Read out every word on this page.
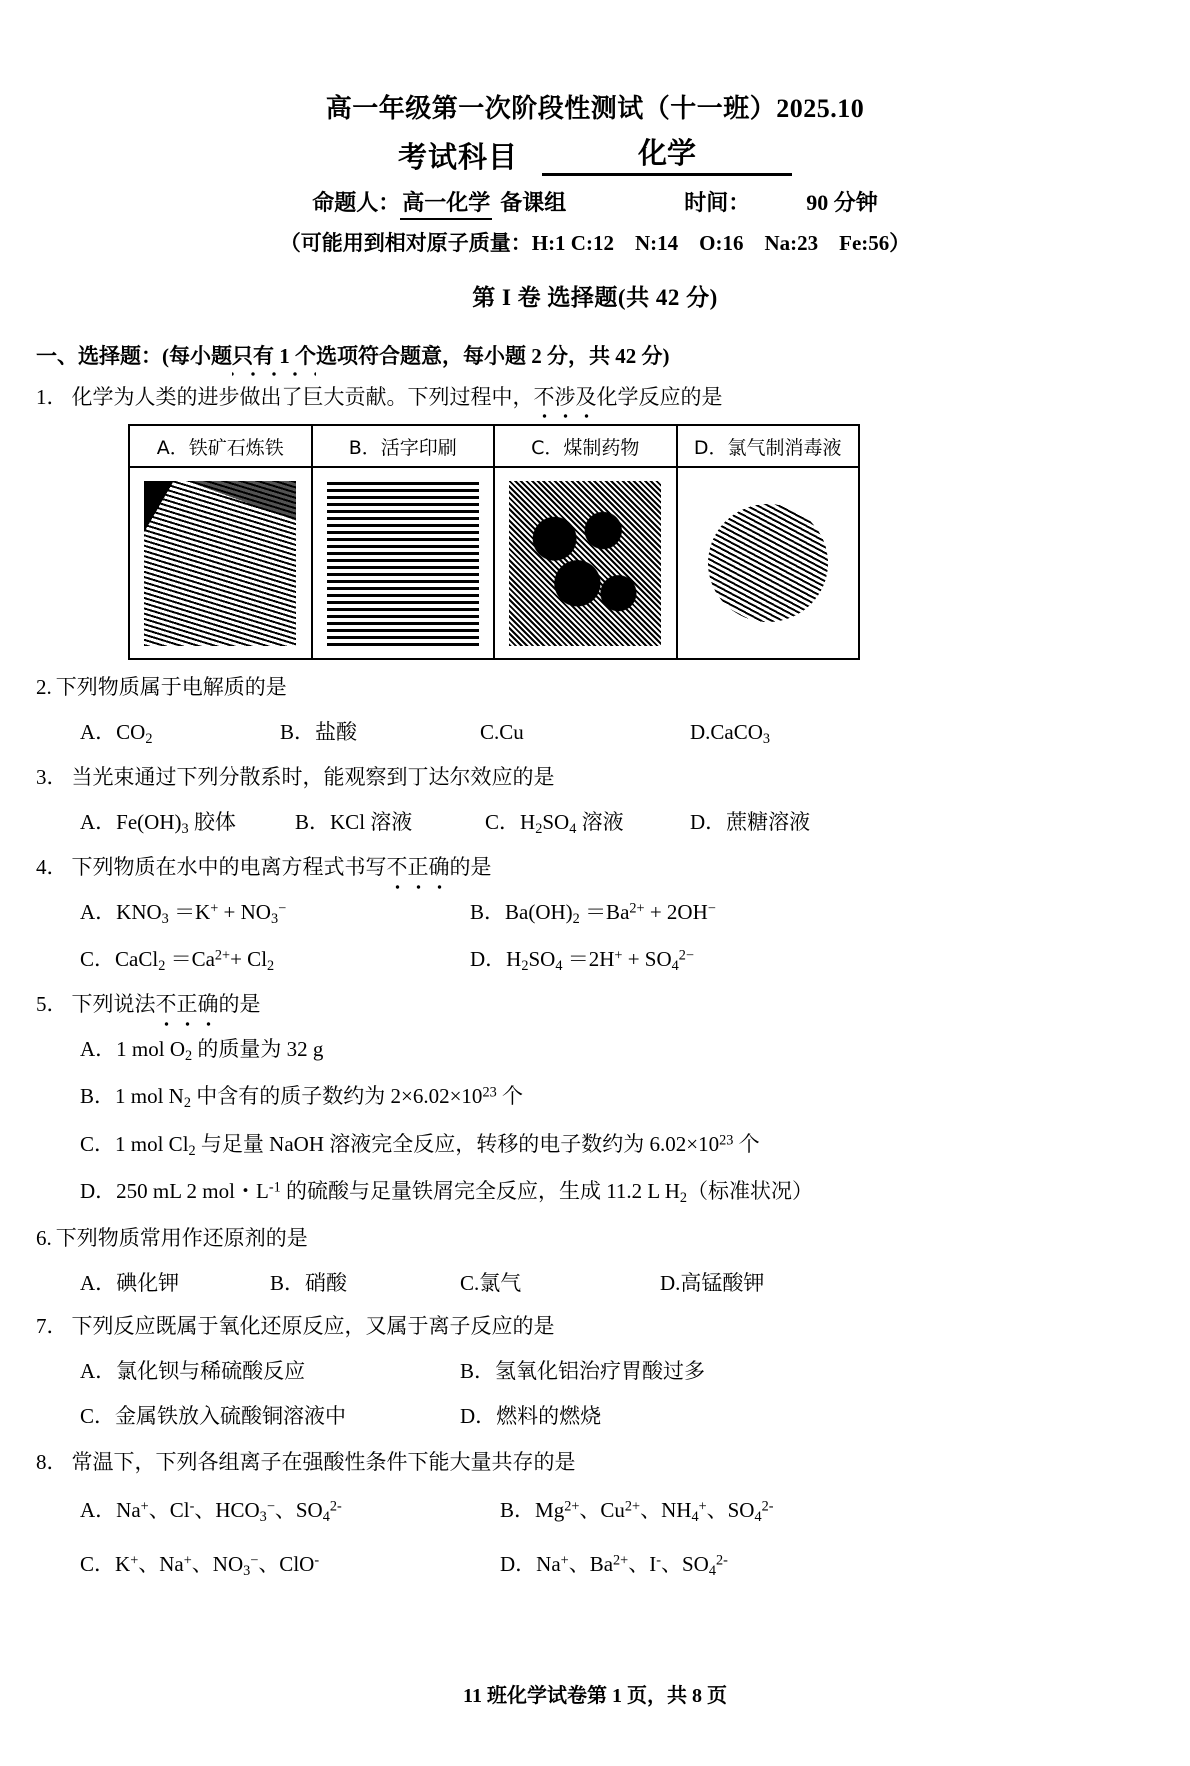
高一年级第一次阶段性测试（十一班）2025.10
考试科目	化学
命题人： 高一化学 备课组	时间：	90 分钟
（可能用到相对原子质量：H:1 C:12　N:14　O:16　Na:23　Fe:56）
第 I 卷 选择题(共 42 分)
一、选择题：(每小题只有 1 个选项符合题意，每小题 2 分，共 42 分)
1． 化学为人类的进步做出了巨大贡献。下列过程中，不涉及化学反应的是
A．铁矿石炼铁	B．活字印刷	C．煤制药物	D．氯气制消毒液

2. 下列物质属于电解质的是
A．$CO_2$	B．盐酸	C.Cu	D.CaCO$_3$
3． 当光束通过下列分散系时，能观察到丁达尔效应的是
A．$Fe(OH)_3$ 胶体	B．KCl 溶液	C．$H_2SO_4$ 溶液	D．蔗糖溶液
4． 下列物质在水中的电离方程式书写不正确的是
A．$KNO_3 =K^+ + NO_3^-$	B．$Ba(OH)_2 =Ba^{2+} + 2OH^-$
C．CaCl$_2$ $=Ca^{2+}+ Cl_2$	D．$H_2SO_4 =2H^+ + SO_4^{2-}$
5． 下列说法不正确的是
A．1 mol $O_2$ 的质量为 32 g
B．1 mol $N_2$ 中含有的质子数约为 $2\times 6.02\times 10^{23}$ 个
C．1 mol $Cl_2$ 与足量 NaOH 溶液完全反应，转移的电子数约为 $6.02\times 10^{23}$ 个
D．250 mL 2 mol・$L^{-1}$ 的硫酸与足量铁屑完全反应，生成 11.2 L $H_2$（标准状况）
6. 下列物质常用作还原剂的是
A．碘化钾	B．硝酸	C.氯气	D.高锰酸钾
7． 下列反应既属于氧化还原反应，又属于离子反应的是
A．氯化钡与稀硫酸反应	B．氢氧化铝治疗胃酸过多
C．金属铁放入硫酸铜溶液中	D．燃料的燃烧
8． 常温下，下列各组离子在强酸性条件下能大量共存的是
A．Na+、Cl-、$HCO_3^-$、$SO_4^{2-}$	B．$Mg^{2+}$、$Cu^{2+}$、$NH_4^+$、$SO_4^{2-}$
C．K+、Na+、$NO_3^-$、ClO-	D．Na+、$Ba^{2+}$、I-、$SO_4^{2-}$
11 班化学试卷第 1 页，共 8 页
